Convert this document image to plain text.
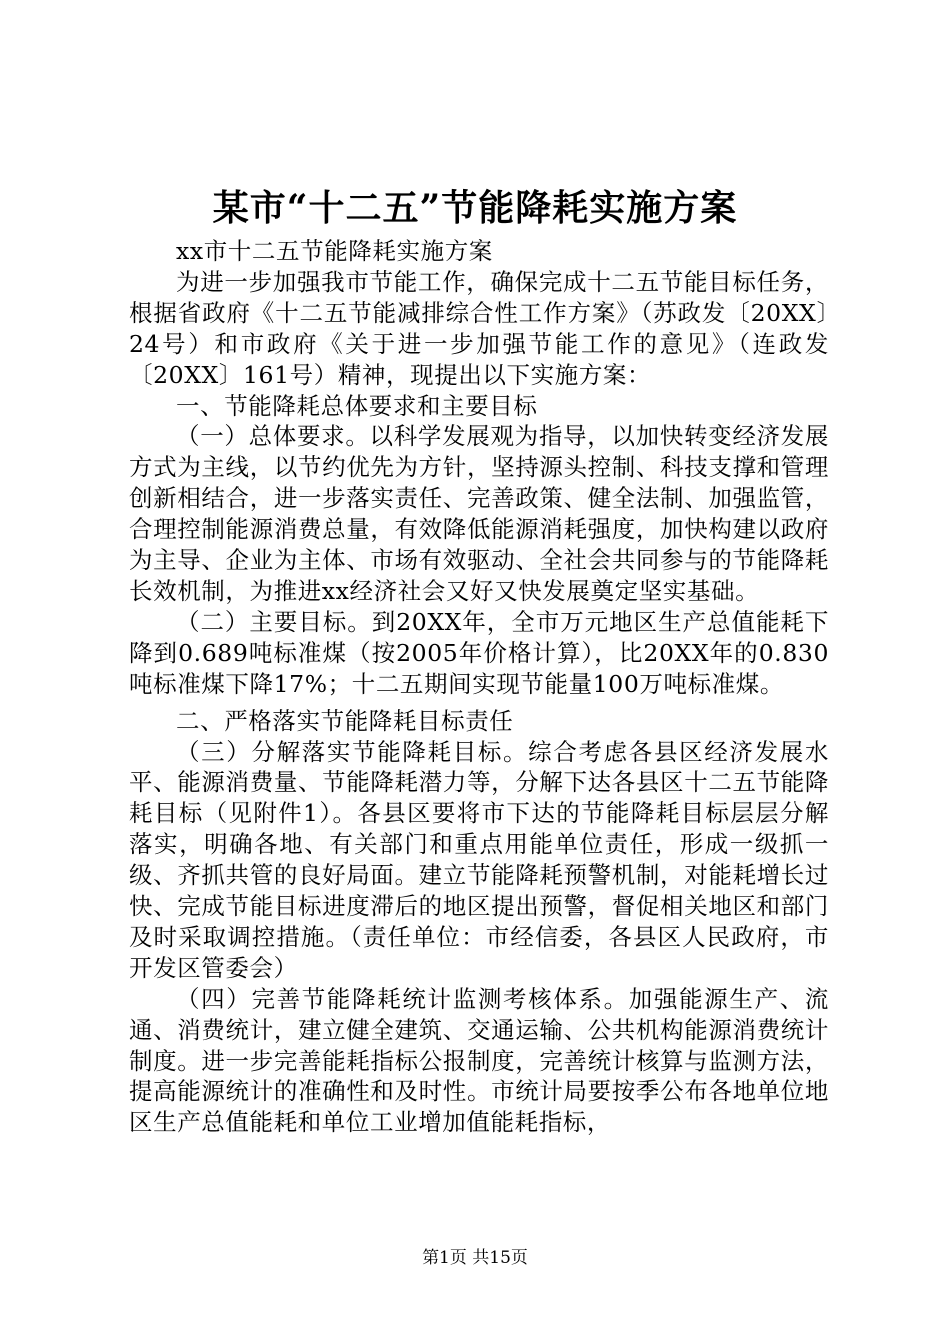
某市“十二五”节能降耗实施方案

xx市十二五节能降耗实施方案

为进一步加强我市节能工作，确保完成十二五节能目标任务，根据省政府《十二五节能减排综合性工作方案》（苏政发〔20XX〕24号）和市政府《关于进一步加强节能工作的意见》（连政发〔20XX〕161号）精神，现提出以下实施方案：

一、节能降耗总体要求和主要目标

（一）总体要求。以科学发展观为指导，以加快转变经济发展方式为主线，以节约优先为方针，坚持源头控制、科技支撑和管理创新相结合，进一步落实责任、完善政策、健全法制、加强监管，合理控制能源消费总量，有效降低能源消耗强度，加快构建以政府为主导、企业为主体、市场有效驱动、全社会共同参与的节能降耗长效机制，为推进xx经济社会又好又快发展奠定坚实基础。

（二）主要目标。到20XX年，全市万元地区生产总值能耗下降到0.689吨标准煤（按2005年价格计算），比20XX年的0.830吨标准煤下降17%；十二五期间实现节能量100万吨标准煤。

二、严格落实节能降耗目标责任

（三）分解落实节能降耗目标。综合考虑各县区经济发展水平、能源消费量、节能降耗潜力等，分解下达各县区十二五节能降耗目标（见附件1）。各县区要将市下达的节能降耗目标层层分解落实，明确各地、有关部门和重点用能单位责任，形成一级抓一级、齐抓共管的良好局面。建立节能降耗预警机制，对能耗增长过快、完成节能目标进度滞后的地区提出预警，督促相关地区和部门及时采取调控措施。（责任单位：市经信委，各县区人民政府，市开发区管委会）

（四）完善节能降耗统计监测考核体系。加强能源生产、流通、消费统计，建立健全建筑、交通运输、公共机构能源消费统计制度。进一步完善能耗指标公报制度，完善统计核算与监测方法，提高能源统计的准确性和及时性。市统计局要按季公布各地单位地区生产总值能耗和单位工业增加值能耗指标，

第1页 共15页
